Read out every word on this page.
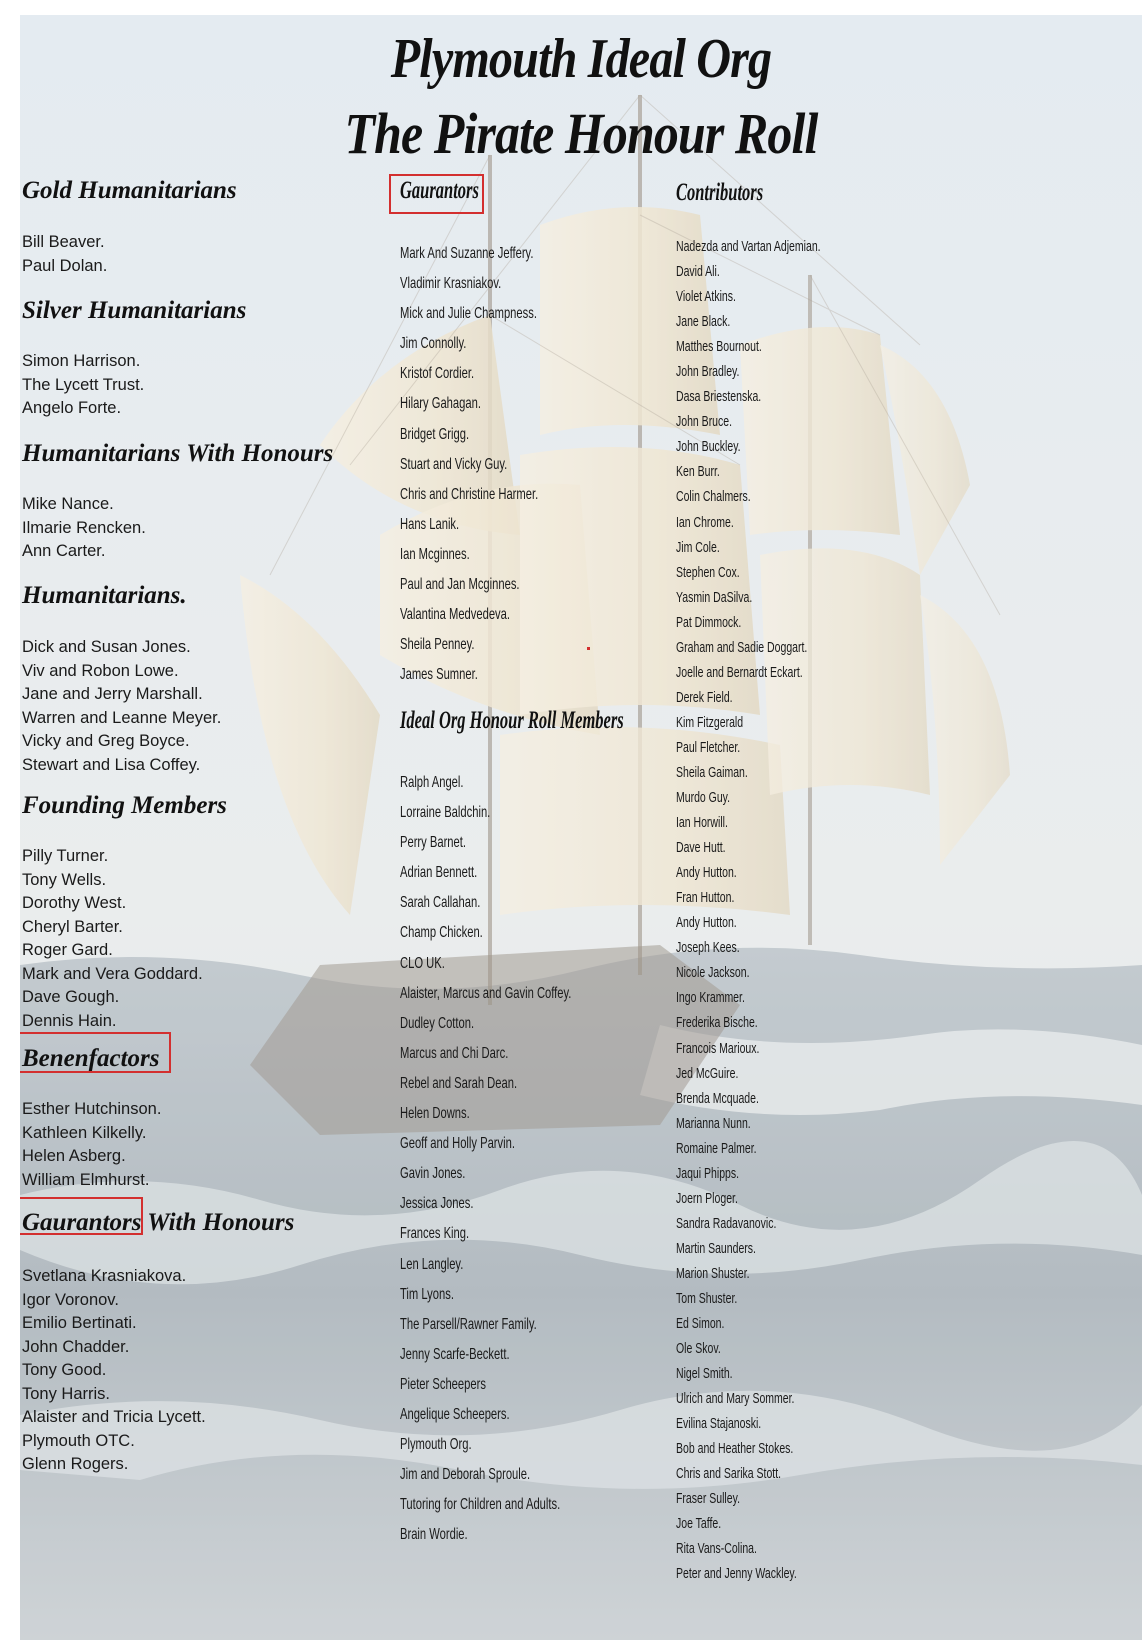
Plymouth Ideal Org
The Pirate Honour Roll
Gold Humanitarians
Bill Beaver.
Paul Dolan.
Silver Humanitarians
Simon Harrison.
The Lycett Trust.
Angelo Forte.
Humanitarians With Honours
Mike Nance.
Ilmarie Rencken.
Ann Carter.
Humanitarians.
Dick and Susan Jones.
Viv and Robon Lowe.
Jane and Jerry Marshall.
Warren and Leanne Meyer.
Vicky and Greg Boyce.
Stewart and Lisa Coffey.
Founding Members
Pilly Turner.
Tony Wells.
Dorothy West.
Cheryl Barter.
Roger Gard.
Mark and Vera Goddard.
Dave Gough.
Dennis Hain.
Benenfactors
Esther Hutchinson.
Kathleen Kilkelly.
Helen Asberg.
William Elmhurst.
Gaurantors With Honours
Svetlana Krasniakova.
Igor Voronov.
Emilio Bertinati.
John Chadder.
Tony Good.
Tony Harris.
Alaister and Tricia Lycett.
Plymouth OTC.
Glenn Rogers.
Gaurantors
Mark And Suzanne Jeffery.
Vladimir Krasniakov.
Mick and Julie Champness.
Jim Connolly.
Kristof Cordier.
Hilary Gahagan.
Bridget Grigg.
Stuart and Vicky Guy.
Chris and Christine Harmer.
Hans Lanik.
Ian Mcginnes.
Paul and Jan Mcginnes.
Valantina Medvedeva.
Sheila Penney.
James Sumner.
Ideal Org Honour Roll Members
Ralph Angel.
Lorraine Baldchin.
Perry Barnet.
Adrian Bennett.
Sarah Callahan.
Champ Chicken.
CLO UK.
Alaister, Marcus and Gavin Coffey.
Dudley Cotton.
Marcus and Chi Darc.
Rebel and Sarah Dean.
Helen Downs.
Geoff and Holly Parvin.
Gavin Jones.
Jessica Jones.
Frances King.
Len Langley.
Tim Lyons.
The Parsell/Rawner Family.
Jenny Scarfe-Beckett.
Pieter Scheepers
Angelique Scheepers.
Plymouth Org.
Jim and Deborah Sproule.
Tutoring for Children and Adults.
Brain Wordie.
Contributors
Nadezda and Vartan Adjemian.
David Ali.
Violet Atkins.
Jane Black.
Matthes Bournout.
John Bradley.
Dasa Briestenska.
John Bruce.
John Buckley.
Ken Burr.
Colin Chalmers.
Ian Chrome.
Jim Cole.
Stephen Cox.
Yasmin DaSilva.
Pat Dimmock.
Graham and Sadie Doggart.
Joelle and Bernardt Eckart.
Derek Field.
Kim Fitzgerald
Paul Fletcher.
Sheila Gaiman.
Murdo Guy.
Ian Horwill.
Dave Hutt.
Andy Hutton.
Fran Hutton.
Andy Hutton.
Joseph Kees.
Nicole Jackson.
Ingo Krammer.
Frederika Bische.
Francois Marioux.
Jed McGuire.
Brenda Mcquade.
Marianna Nunn.
Romaine Palmer.
Jaqui Phipps.
Joern Ploger.
Sandra Radavanovic.
Martin Saunders.
Marion Shuster.
Tom Shuster.
Ed Simon.
Ole Skov.
Nigel Smith.
Ulrich and Mary Sommer.
Evilina Stajanoski.
Bob and Heather Stokes.
Chris and Sarika Stott.
Fraser Sulley.
Joe Taffe.
Rita Vans-Colina.
Peter and Jenny Wackley.
